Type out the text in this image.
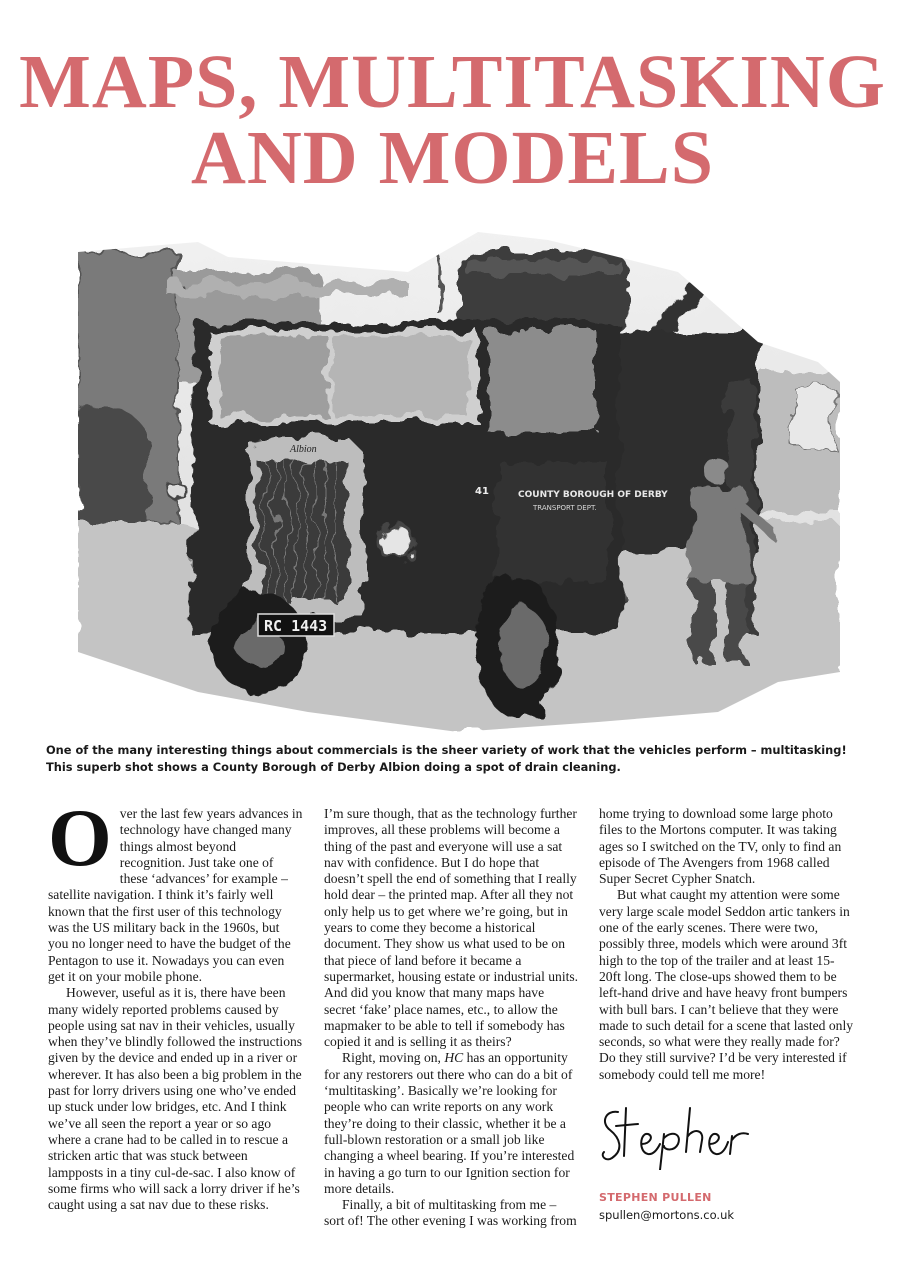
MAPS, MULTITASKING
AND MODELS
COUNTY BOROUGH OF DERBY
TRANSPORT DEPT.
Albion
41
RC 1443
One of the many interesting things about commercials is the sheer variety of work that the vehicles perform – multitasking! This superb shot shows a County Borough of Derby Albion doing a spot of drain cleaning.

Over the last few years advances in technology have changed many things almost beyond recognition. Just take one of these ‘advances’ for example – satellite navigation. I think it’s fairly well known that the first user of this technology was the US military back in the 1960s, but you no longer need to have the budget of the Pentagon to use it. Nowadays you can even get it on your mobile phone.

However, useful as it is, there have been many widely reported problems caused by people using sat nav in their vehicles, usually when they’ve blindly followed the instructions given by the device and ended up in a river or wherever. It has also been a big problem in the past for lorry drivers using one who’ve ended up stuck under low bridges, etc. And I think we’ve all seen the report a year or so ago where a crane had to be called in to rescue a stricken artic that was stuck between lampposts in a tiny cul-de-sac. I also know of some firms who will sack a lorry driver if he’s caught using a sat nav due to these risks.

I’m sure though, that as the technology further improves, all these problems will become a thing of the past and everyone will use a sat nav with confidence. But I do hope that doesn’t spell the end of something that I really hold dear – the printed map. After all they not only help us to get where we’re going, but in years to come they become a historical document. They show us what used to be on that piece of land before it became a supermarket, housing estate or industrial units. And did you know that many maps have secret ‘fake’ place names, etc., to allow the mapmaker to be able to tell if somebody has copied it and is selling it as theirs?

Right, moving on, HC has an opportunity for any restorers out there who can do a bit of ‘multitasking’. Basically we’re looking for people who can write reports on any work they’re doing to their classic, whether it be a full-blown restoration or a small job like changing a wheel bearing. If you’re interested in having a go turn to our Ignition section for more details.

Finally, a bit of multitasking from me – sort of! The other evening I was working from

home trying to download some large photo files to the Mortons computer. It was taking ages so I switched on the TV, only to find an episode of The Avengers from 1968 called Super Secret Cypher Snatch.

But what caught my attention were some very large scale model Seddon artic tankers in one of the early scenes. There were two, possibly three, models which were around 3ft high to the top of the trailer and at least 15-20ft long. The close-ups showed them to be left-hand drive and have heavy front bumpers with bull bars. I can’t believe that they were made to such detail for a scene that lasted only seconds, so what were they really made for? Do they still survive? I’d be very interested if somebody could tell me more!

STEPHEN PULLEN
spullen@mortons.co.uk
